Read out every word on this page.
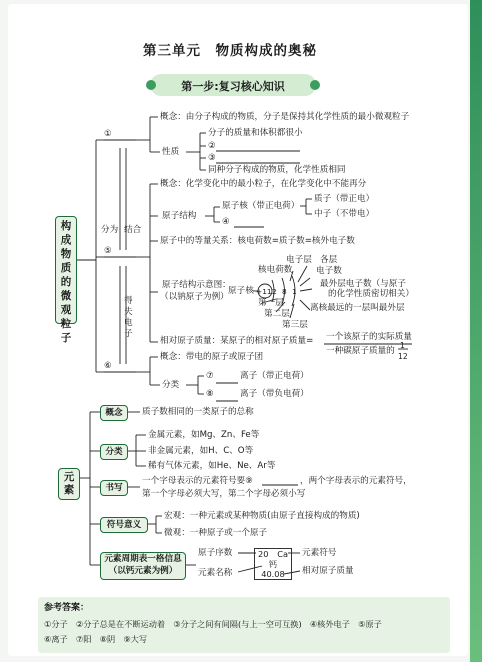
第三单元　物质构成的奥秘
第一步:复习核心知识
构成物质的微观粒子
①
⑤
⑥
分为 结合
得失电子
概念：由分子构成的物质，分子是保持其化学性质的最小微观粒子
性质
分子的质量和体积都很小
②
③
同种分子构成的物质，化学性质相同
概念：化学变化中的最小粒子，在化学变化中不能再分
原子结构
原子核（带正电荷）
④
质子（带正电）
中子（不带电）
原子中的等量关系：核电荷数=质子数=核外电子数
原子结构示意图：
（以钠原子为例）
原子核 +11 2 8 1
电子层 各层
核电荷数	电子数
最外层电子数（与原子
的化学性质密切相关）
第一层
第二层
第三层
离核最远的一层叫最外层
相对原子质量：某原子的相对原子质量= 一个该原子的实际质量
一种碳原子质量的
1
12
概念：带电的原子或原子团
分类
⑦	离子（带正电荷）
⑧	离子（带负电荷）
元素
概念	质子数相同的一类原子的总称
分类
金属元素，如Mg、Zn、Fe等
非金属元素，如H、C、O等
稀有气体元素，如He、Ne、Ar等
书写
一个字母表示的元素符号要⑨	，两个字母表示的元素符号，
第一个字母必须大写，第二个字母必须小写
符号意义
宏观：一种元素或某种物质(由原子直接构成的物质)
微观：一种原子或一个原子
元素周期表一格信息
（以钙元素为例）
原子序数
元素名称
元素符号
相对原子质量
20 Ca
钙
40.08
参考答案：
①分子　②分子总是在不断运动着　③分子之间有间隔(与上一空可互换)　④核外电子　⑤原子
⑥离子　⑦阳　⑧阴　⑨大写
